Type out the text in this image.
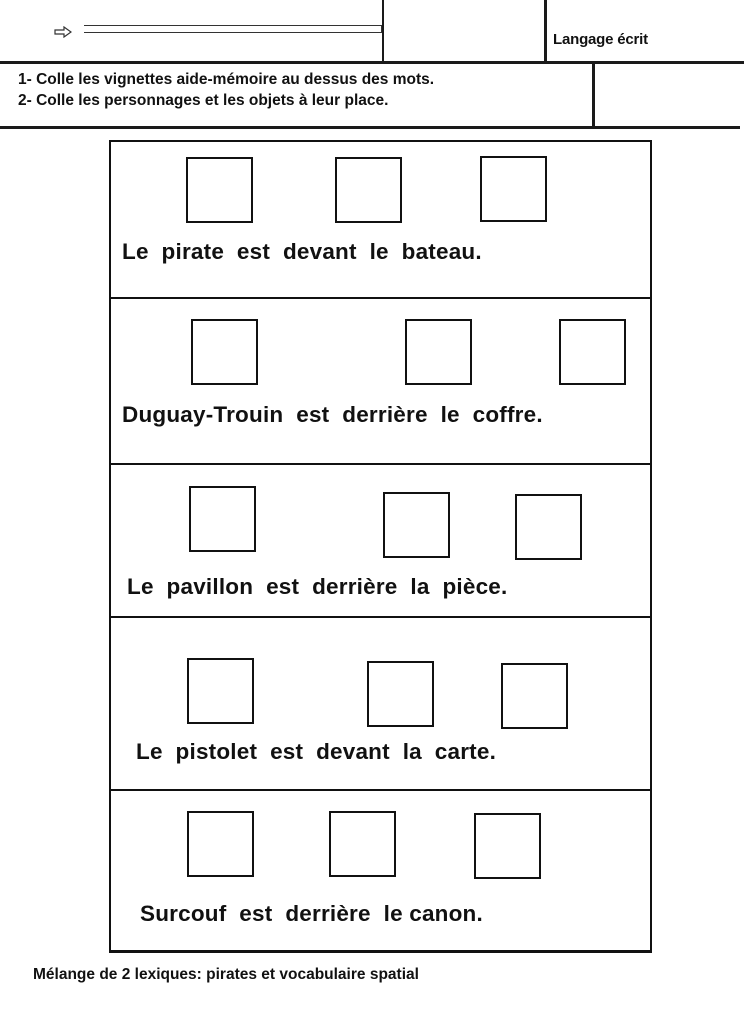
Langage écrit
1- Colle les vignettes aide-mémoire au dessus des mots.
2- Colle les personnages et les objets à leur place.
Le  pirate  est  devant  le  bateau.
Duguay-Trouin  est  derrière  le  coffre.
Le  pavillon  est  derrière  la  pièce.
Le  pistolet  est  devant  la  carte.
Surcouf  est  derrière  le canon.
Mélange de 2 lexiques: pirates et vocabulaire spatial
